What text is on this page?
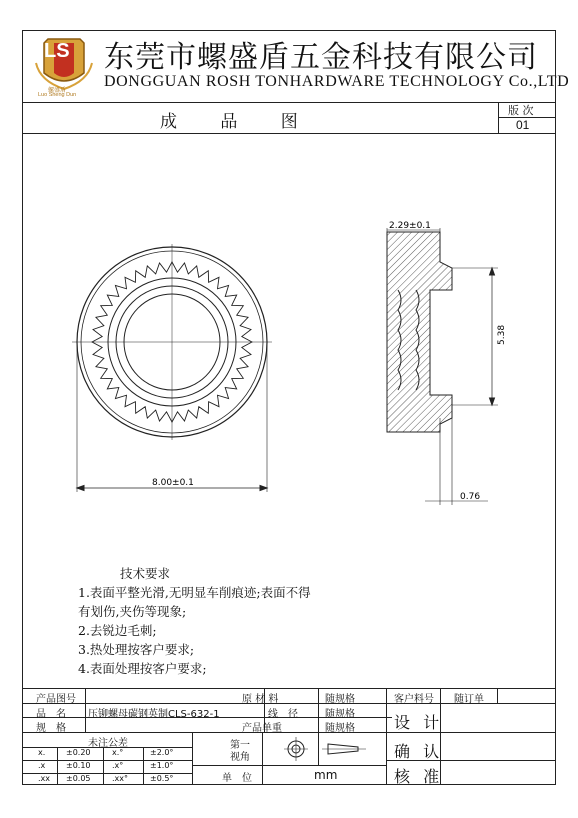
LS
螺盛盾
Luo Sheng Dun
东莞市螺盛盾五金科技有限公司
DONGGUAN ROSH TONHARDWARE TECHNOLOGY Co.,LTD
成 品 图
版 次
01
2.29±0.1
5.38
8.00±0.1
0.76
技术要求
1.表面平整光滑,无明显车削痕迹;表面不得
有划伤,夹伤等现象;
2.去锐边毛刺;
3.热处理按客户要求;
4.表面处理按客户要求;
产品图号	原 材 料	随规格	客户料号 随订单
品　名 压铆螺母碳钢英制CLS-632-1	线　径	随规格
规　格	产品单重	随规格 设 计
确 认
核 准
未注公差
x.	±0.20	x.°	±2.0°
.x	±0.10	.x°	±1.0°
.xx ±0.05	.xx°	±0.5°
第一
视角
单　位	mm
